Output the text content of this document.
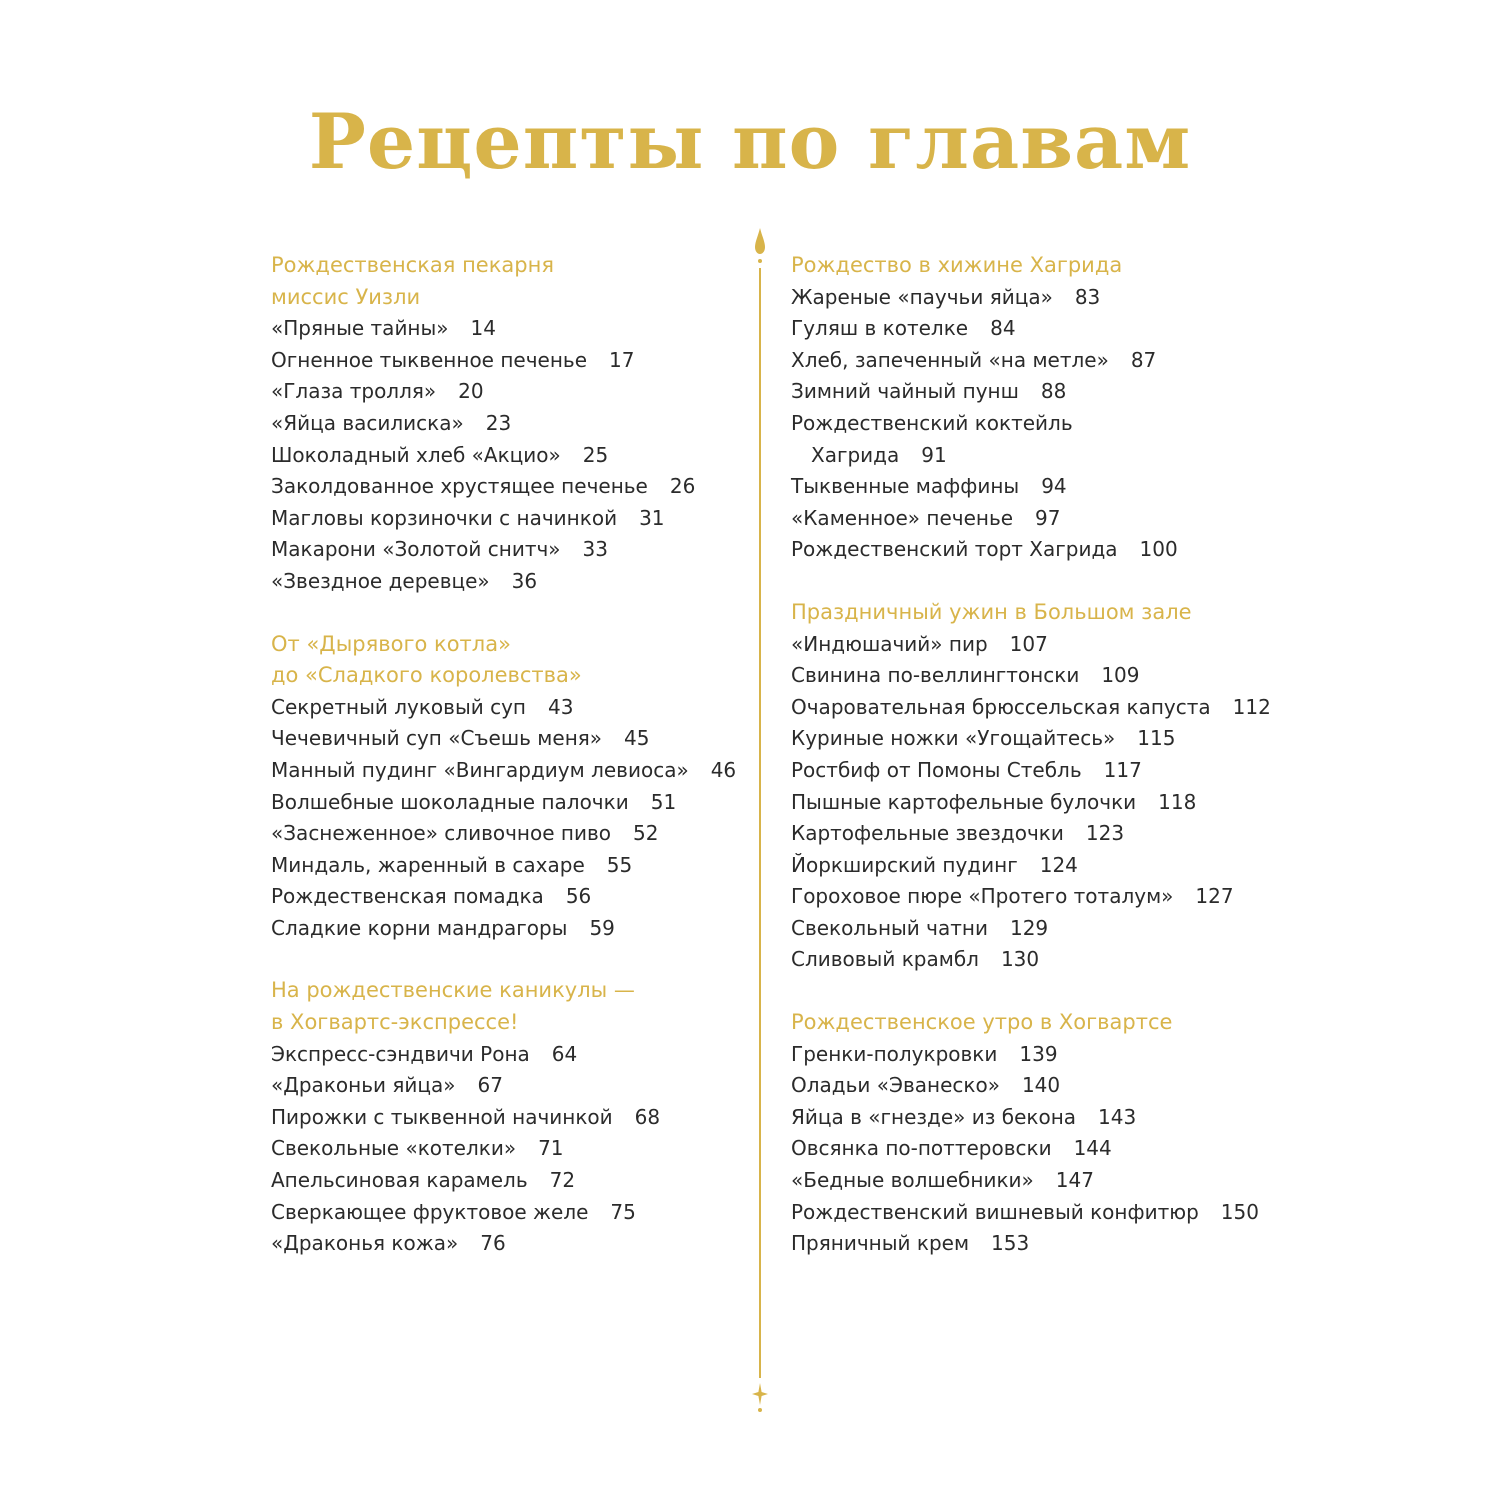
Рецепты по главам
Рождественская пекарня
миссис Уизли
«Пряные тайны» 14
Огненное тыквенное печенье 17
«Глаза тролля» 20
«Яйца василиска» 23
Шоколадный хлеб «Акцио» 25
Заколдованное хрустящее печенье 26
Магловы корзиночки с начинкой 31
Макарони «Золотой снитч» 33
«Звездное деревце» 36
От «Дырявого котла»
до «Сладкого королевства»
Секретный луковый суп 43
Чечевичный суп «Съешь меня» 45
Манный пудинг «Вингардиум левиоса» 46
Волшебные шоколадные палочки 51
«Заснеженное» сливочное пиво 52
Миндаль, жаренный в сахаре 55
Рождественская помадка 56
Сладкие корни мандрагоры 59
На рождественские каникулы —
в Хогвартс-экспрессе!
Экспресс-сэндвичи Рона 64
«Драконьи яйца» 67
Пирожки с тыквенной начинкой 68
Свекольные «котелки» 71
Апельсиновая карамель 72
Сверкающее фруктовое желе 75
«Драконья кожа» 76
Рождество в хижине Хагрида
Жареные «паучьи яйца» 83
Гуляш в котелке 84
Хлеб, запеченный «на метле» 87
Зимний чайный пунш 88
Рождественский коктейль
Хагрида 91
Тыквенные маффины 94
«Каменное» печенье 97
Рождественский торт Хагрида 100
Праздничный ужин в Большом зале
«Индюшачий» пир 107
Свинина по-веллингтонски 109
Очаровательная брюссельская капуста 112
Куриные ножки «Угощайтесь» 115
Ростбиф от Помоны Стебль 117
Пышные картофельные булочки 118
Картофельные звездочки 123
Йоркширский пудинг 124
Гороховое пюре «Протего тоталум» 127
Свекольный чатни 129
Сливовый крамбл 130
Рождественское утро в Хогвартсе
Гренки-полукровки 139
Оладьи «Эванеско» 140
Яйца в «гнезде» из бекона 143
Овсянка по-поттеровски 144
«Бедные волшебники» 147
Рождественский вишневый конфитюр 150
Пряничный крем 153
